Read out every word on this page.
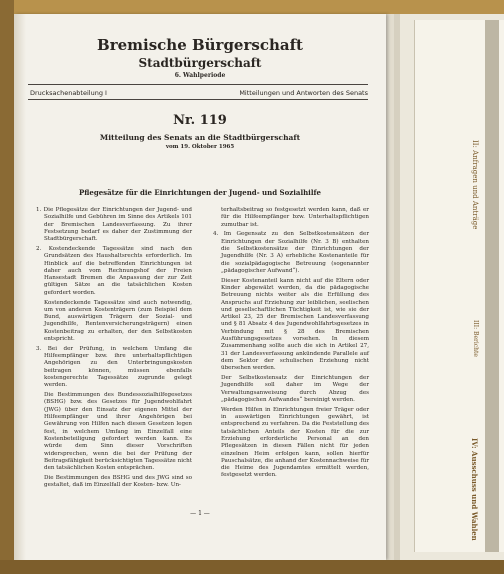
II: Anfragen und Anträge
III: Berichte
IV: Ausschuss und Wahlen
Bremische Bürgerschaft
Stadtbürgerschaft
6. Wahlperiode
Drucksachenabteilung I	Mitteilungen und Antworten des Senats
Nr. 119
Mitteilung des Senats an die Stadtbürgerschaft
vom 19. Oktober 1965
Pflegesätze für die Einrichtungen der Jugend- und Sozialhilfe

1. Die Pflegesätze der Einrichtungen der Jugend- und Sozialhilfe und Gebühren im Sinne des Artikels 101 der Bremischen Landesverfassung. Zu ihrer Festsetzung bedarf es daher der Zustimmung der Stadtbürgerschaft.

2. Kostendeckende Tagessätze sind nach den Grundsätzen des Haushaltsrechts erforderlich. Im Hinblick auf die betreffenden Einrichtungen ist daher auch vom Rechnungshof der Freien Hansestadt Bremen die Anpassung der zur Zeit gültigen Sätze an die tatsächlichen Kosten gefordert worden.

Kostendeckende Tagessätze sind auch notwendig, um von anderen Kostenträgern (zum Beispiel dem Bund, auswärtigen Trägern der Sozial- und Jugendhilfe, Rentenversicherungsträgern) einen Kostenbeitrag zu erhalten, der den Selbstkosten entspricht.

3. Bei der Prüfung, in welchem Umfang die Hilfeempfänger bzw. ihre unterhaltspflichtigen Angehörigen zu den Unterbringungskosten beitragen können, müssen ebenfalls kostengerechte Tagessätze zugrunde gelegt werden.

Die Bestimmungen des Bundessozialhilfegesetzes (BSHG) bzw. des Gesetzes für Jugendwohlfahrt (JWG) über den Einsatz der eigenen Mittel der Hilfeempfänger und ihrer Angehörigen bei Gewährung von Hilfen nach diesen Gesetzen legen fest, in welchem Umfang im Einzelfall eine Kostenbeteiligung gefordert werden kann. Es würde dem Sinn dieser Vorschriften widersprechen, wenn die bei der Prüfung der Beitragsfähigkeit berücksichtigten Tagessätze nicht den tatsächlichen Kosten entsprächen.

Die Bestimmungen des BSHG und des JWG sind so gestaltet, daß im Einzelfall der Kosten- bzw. Un-

terhaltsbeitrag so festgesetzt werden kann, daß er für die Hilfeempfänger bzw. Unterhaltspflichtigen zumutbar ist.

4. Im Gegensatz zu den Selbstkostensätzen der Einrichtungen der Sozialhilfe (Nr. 3 B) enthalten die Selbstkostensätze der Einrichtungen der Jugendhilfe (Nr. 3 A) erhebliche Kostenanteile für die sozialpädagogische Betreuung (sogenannter „pädagogischer Aufwand“).

Dieser Kostenanteil kann nicht auf die Eltern oder Kinder abgewälzt werden, da die pädagogische Betreuung nichts weiter als die Erfüllung des Anspruchs auf Erziehung zur leiblichen, seelischen und gesellschaftlichen Tüchtigkeit ist, wie sie der Artikel 23, 25 der Bremischen Landesverfassung und § 81 Absatz 4 des Jugendwohlfahrtsgesetzes in Verbindung mit § 28 des Bremischen Ausführungsgesetzes vorsehen. In diesem Zusammenhang sollte auch die sich in Artikel 27, 31 der Landesverfassung ankündende Parallele auf dem Sektor der schulischen Erziehung nicht übersehen werden.

Der Selbstkostensatz der Einrichtungen der Jugendhilfe soll daher im Wege der Verwaltungsanweisung durch Abzug des „pädagogischen Aufwandes“ bereinigt werden.

Werden Hilfen in Einrichtungen freier Träger oder in auswärtigen Einrichtungen gewährt, ist entsprechend zu verfahren. Da die Feststellung des tatsächlichen Anteils der Kosten für die zur Erziehung erforderliche Personal an den Pflegesätzen in diesen Fällen nicht für jeden einzelnen Heim erfolgen kann, sollen hierfür Pauschalsätze, die anhand der Kostennachweise für die Heime des Jugendamtes ermittelt werden, festgesetzt werden.

— 1 —
